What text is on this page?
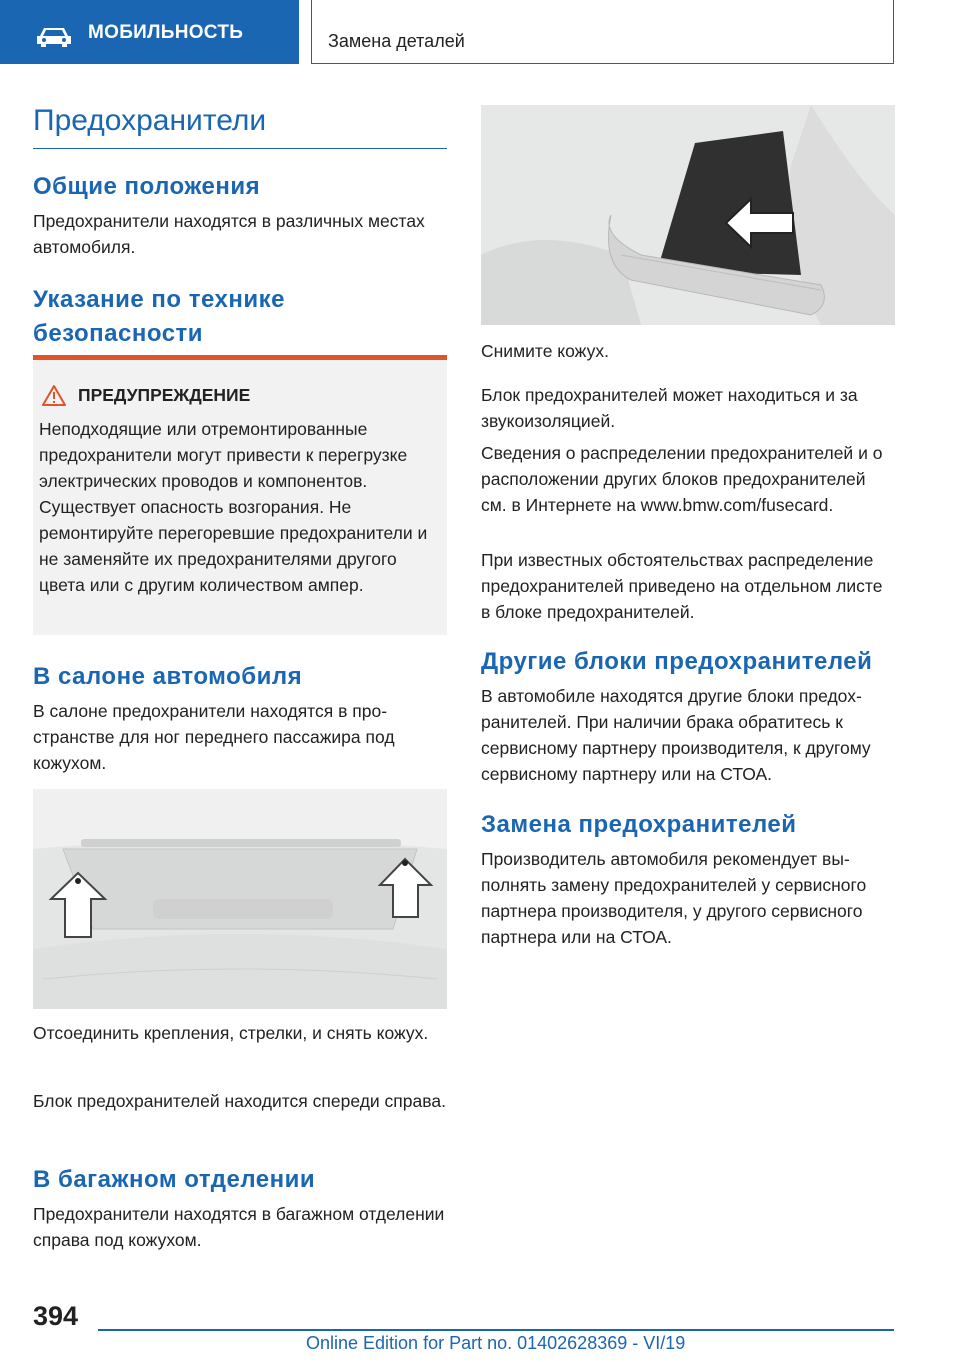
МОБИЛЬНОСТЬ	Замена деталей
Предохранители
Общие положения

Предохранители находятся в различных местах автомобиля.

Указание по технике безопасности
ПРЕДУПРЕЖДЕНИЕ
Неподходящие или отремонтированные предохранители могут привести к перегрузке электрических проводов и компонентов. Существует опасность возгорания. Не ремонтируйте перегоревшие предохранители и не заменяйте их предохранителями другого цвета или с другим количеством ампер.
В салоне автомобиля

В салоне предохранители находятся в пространстве для ног переднего пассажира под кожухом.

Отсоединить крепления, стрелки, и снять кожух.

Блок предохранителей находится спереди справа.

В багажном отделении

Предохранители находятся в багажном отделении справа под кожухом.

Снимите кожух.

Блок предохранителей может находиться и за звукоизоляцией.

Сведения о распределении предохранителей и о расположении других блоков предохранителей см. в Интернете на www.bmw.com/fusecard.

При известных обстоятельствах распределение предохранителей приведено на отдельном листе в блоке предохранителей.

Другие блоки предохранителей

В автомобиле находятся другие блоки предохранителей. При наличии брака обратитесь к сервисному партнеру производителя, к другому сервисному партнеру или на СТОА.

Замена предохранителей

Производитель автомобиля рекомендует выполнять замену предохранителей у сервисного партнера производителя, у другого сервисного партнера или на СТОА.

394
Online Edition for Part no. 01402628369 - VI/19
